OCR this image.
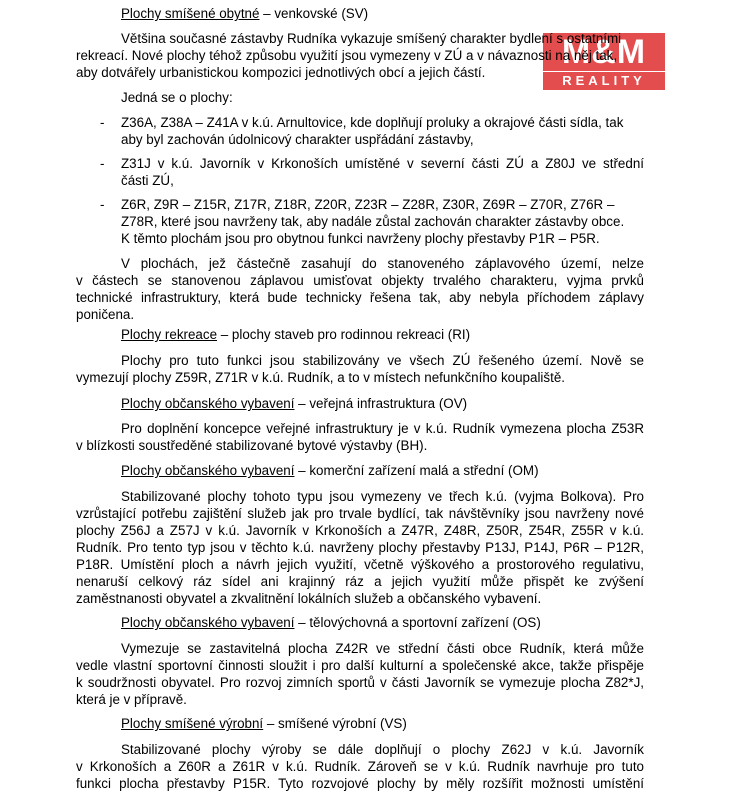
M&M
REALITY
Plochy smíšené obytné – venkovské (SV)
Většina současné zástavby Rudníka vykazuje smíšený charakter bydlení s ostatními
rekreací. Nové plochy téhož způsobu využití jsou vymezeny v ZÚ a v návaznosti na něj tak,
aby dotvářely urbanistickou kompozici jednotlivých obcí a jejich částí.
Jedná se o plochy:
- Z36A, Z38A – Z41A v k.ú. Arnultovice, kde doplňují proluky a okrajové části sídla, tak
aby byl zachován údolnicový charakter uspřádání zástavby,
- Z31J v k.ú. Javorník v Krkonoších umístěné v severní části ZÚ a Z80J ve střední
části ZÚ,
- Z6R, Z9R – Z15R, Z17R, Z18R, Z20R, Z23R – Z28R, Z30R, Z69R – Z70R, Z76R –
Z78R, které jsou navrženy tak, aby nadále zůstal zachován charakter zástavby obce.
K těmto plochám jsou pro obytnou funkci navrženy plochy přestavby P1R – P5R.
V plochách, jež částečně zasahují do stanoveného záplavového území, nelze
v částech se stanovenou záplavou umisťovat objekty trvalého charakteru, vyjma prvků
technické infrastruktury, která bude technicky řešena tak, aby nebyla příchodem záplavy
poničena.
Plochy rekreace – plochy staveb pro rodinnou rekreaci (RI)
Plochy pro tuto funkci jsou stabilizovány ve všech ZÚ řešeného území. Nově se
vymezují plochy Z59R, Z71R v k.ú. Rudník, a to v místech nefunkčního koupaliště.
Plochy občanského vybavení – veřejná infrastruktura (OV)
Pro doplnění koncepce veřejné infrastruktury je v k.ú. Rudník vymezena plocha Z53R
v blízkosti soustředěné stabilizované bytové výstavby (BH).
Plochy občanského vybavení – komerční zařízení malá a střední (OM)
Stabilizované plochy tohoto typu jsou vymezeny ve třech k.ú. (vyjma Bolkova). Pro
vzrůstající potřebu zajištění služeb jak pro trvale bydlící, tak návštěvníky jsou navrženy nové
plochy Z56J a Z57J v k.ú. Javorník v Krkonoších a Z47R, Z48R, Z50R, Z54R, Z55R v k.ú.
Rudník. Pro tento typ jsou v těchto k.ú. navrženy plochy přestavby P13J, P14J, P6R – P12R,
P18R. Umístění ploch a návrh jejich využití, včetně výškového a prostorového regulativu,
nenaruší celkový ráz sídel ani krajinný ráz a jejich využití může přispět ke zvýšení
zaměstnanosti obyvatel a zkvalitnění lokálních služeb a občanského vybavení.
Plochy občanského vybavení – tělovýchovná a sportovní zařízení (OS)
Vymezuje se zastavitelná plocha Z42R ve střední části obce Rudník, která může
vedle vlastní sportovní činnosti sloužit i pro další kulturní a společenské akce, takže přispěje
k soudržnosti obyvatel. Pro rozvoj zimních sportů v části Javorník se vymezuje plocha Z82*J,
která je v přípravě.
Plochy smíšené výrobní – smíšené výrobní (VS)
Stabilizované plochy výroby se dále doplňují o plochy Z62J v k.ú. Javorník
v Krkonoších a Z60R a Z61R v k.ú. Rudník. Zároveň se v k.ú. Rudník navrhuje pro tuto
funkci plocha přestavby P15R. Tyto rozvojové plochy by měly rozšířit možnosti umístění
